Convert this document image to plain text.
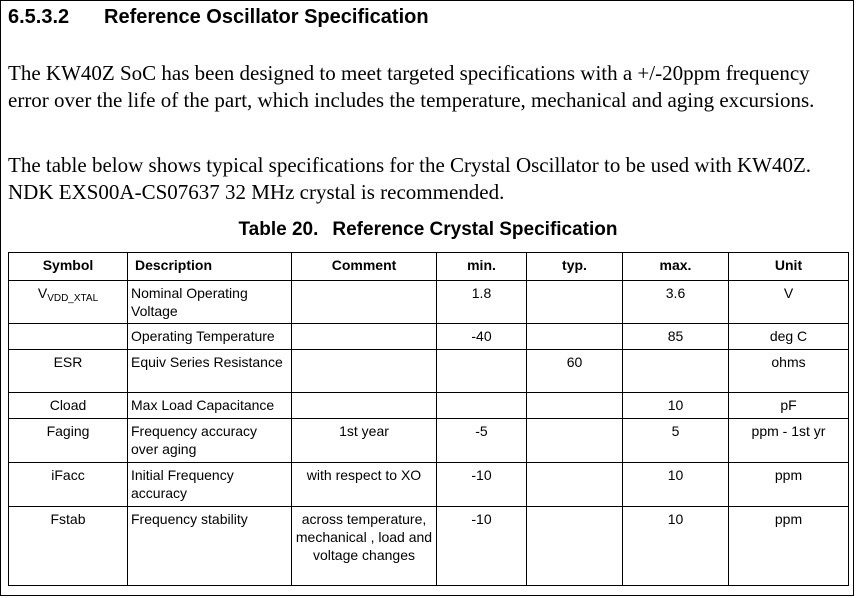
6.5.3.2 Reference Oscillator Specification
The KW40Z SoC has been designed to meet targeted specifications with a +/-20ppm frequency error over the life of the part, which includes the temperature, mechanical and aging excursions.
The table below shows typical specifications for the Crystal Oscillator to be used with KW40Z. NDK EXS00A-CS07637 32 MHz crystal is recommended.
Table 20. Reference Crystal Specification
Symbol	Description	Comment	min.	typ.	max.	Unit
$V_{VDD\_XTAL}$	Nominal Operating Voltage		1.8		3.6	V
	Operating Temperature		-40		85	deg C
ESR	Equiv Series Resistance			60		ohms
Cload	Max Load Capacitance				10	pF
Faging	Frequency accuracy over aging	1st year	-5		5	ppm - 1st yr
iFacc	Initial Frequency accuracy	with respect to XO	-10		10	ppm
Fstab	Frequency stability	across temperature, mechanical , load and voltage changes	-10		10	ppm
